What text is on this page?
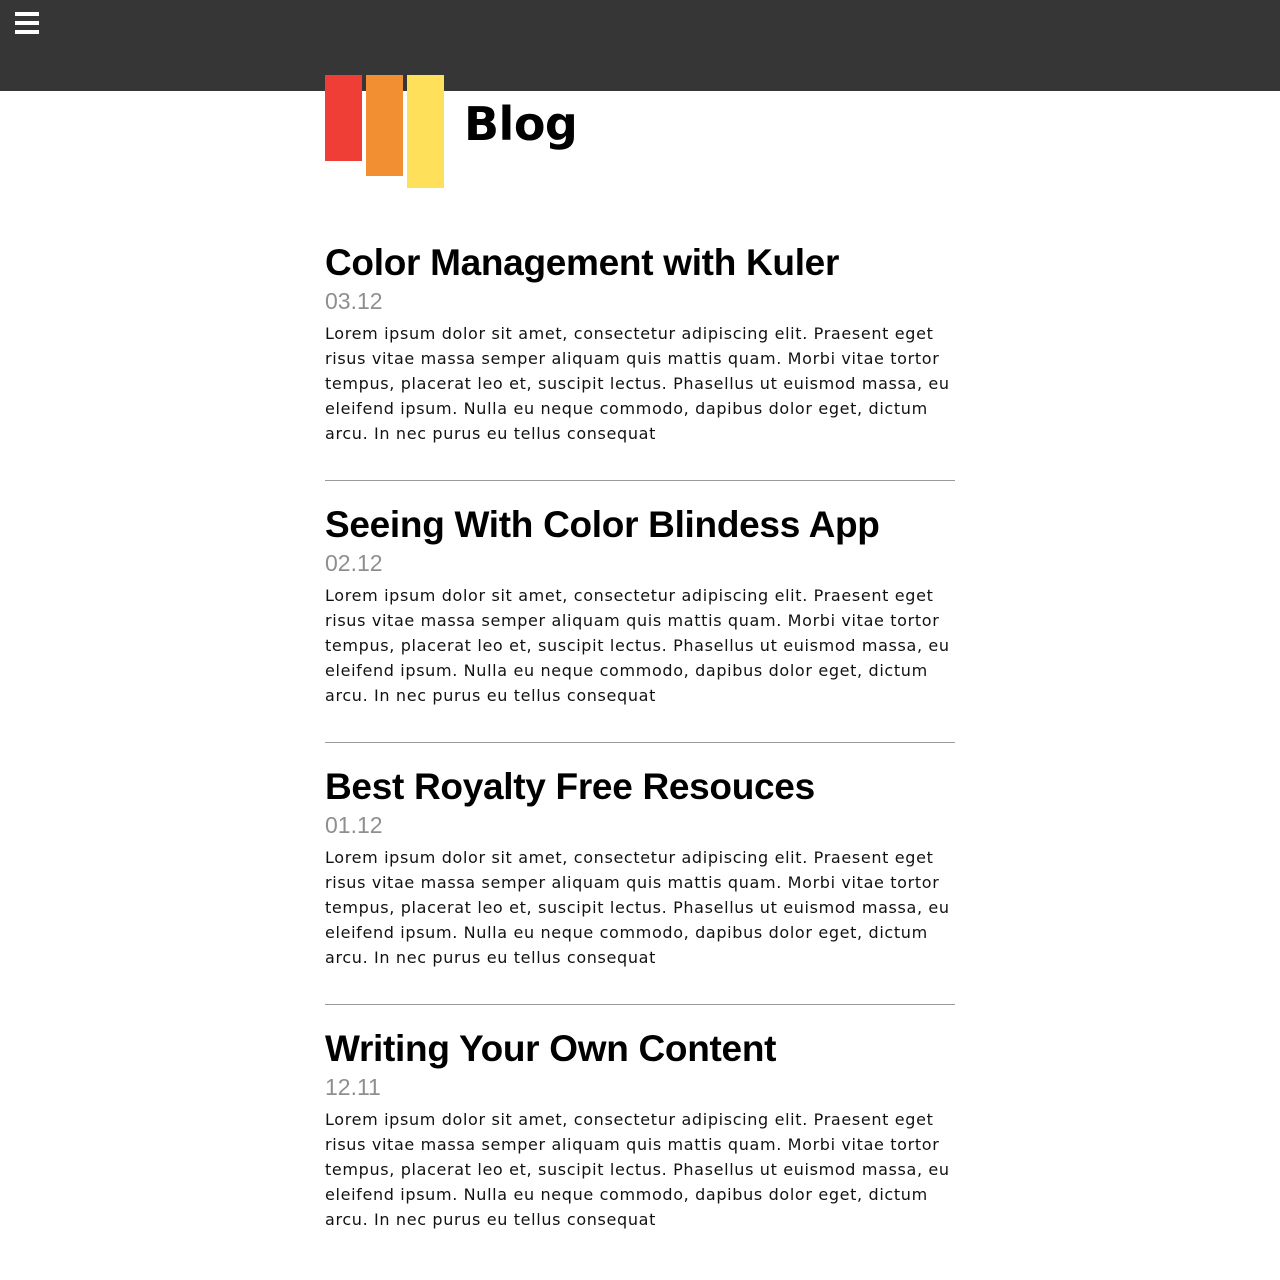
Blog
Color Management with Kuler
03.12

Lorem ipsum dolor sit amet, consectetur adipiscing elit. Praesent eget risus vitae massa semper aliquam quis mattis quam. Morbi vitae tortor tempus, placerat leo et, suscipit lectus. Phasellus ut euismod massa, eu eleifend ipsum. Nulla eu neque commodo, dapibus dolor eget, dictum arcu. In nec purus eu tellus consequat

Seeing With Color Blindess App
02.12

Lorem ipsum dolor sit amet, consectetur adipiscing elit. Praesent eget risus vitae massa semper aliquam quis mattis quam. Morbi vitae tortor tempus, placerat leo et, suscipit lectus. Phasellus ut euismod massa, eu eleifend ipsum. Nulla eu neque commodo, dapibus dolor eget, dictum arcu. In nec purus eu tellus consequat

Best Royalty Free Resouces
01.12

Lorem ipsum dolor sit amet, consectetur adipiscing elit. Praesent eget risus vitae massa semper aliquam quis mattis quam. Morbi vitae tortor tempus, placerat leo et, suscipit lectus. Phasellus ut euismod massa, eu eleifend ipsum. Nulla eu neque commodo, dapibus dolor eget, dictum arcu. In nec purus eu tellus consequat

Writing Your Own Content
12.11

Lorem ipsum dolor sit amet, consectetur adipiscing elit. Praesent eget risus vitae massa semper aliquam quis mattis quam. Morbi vitae tortor tempus, placerat leo et, suscipit lectus. Phasellus ut euismod massa, eu eleifend ipsum. Nulla eu neque commodo, dapibus dolor eget, dictum arcu. In nec purus eu tellus consequat
